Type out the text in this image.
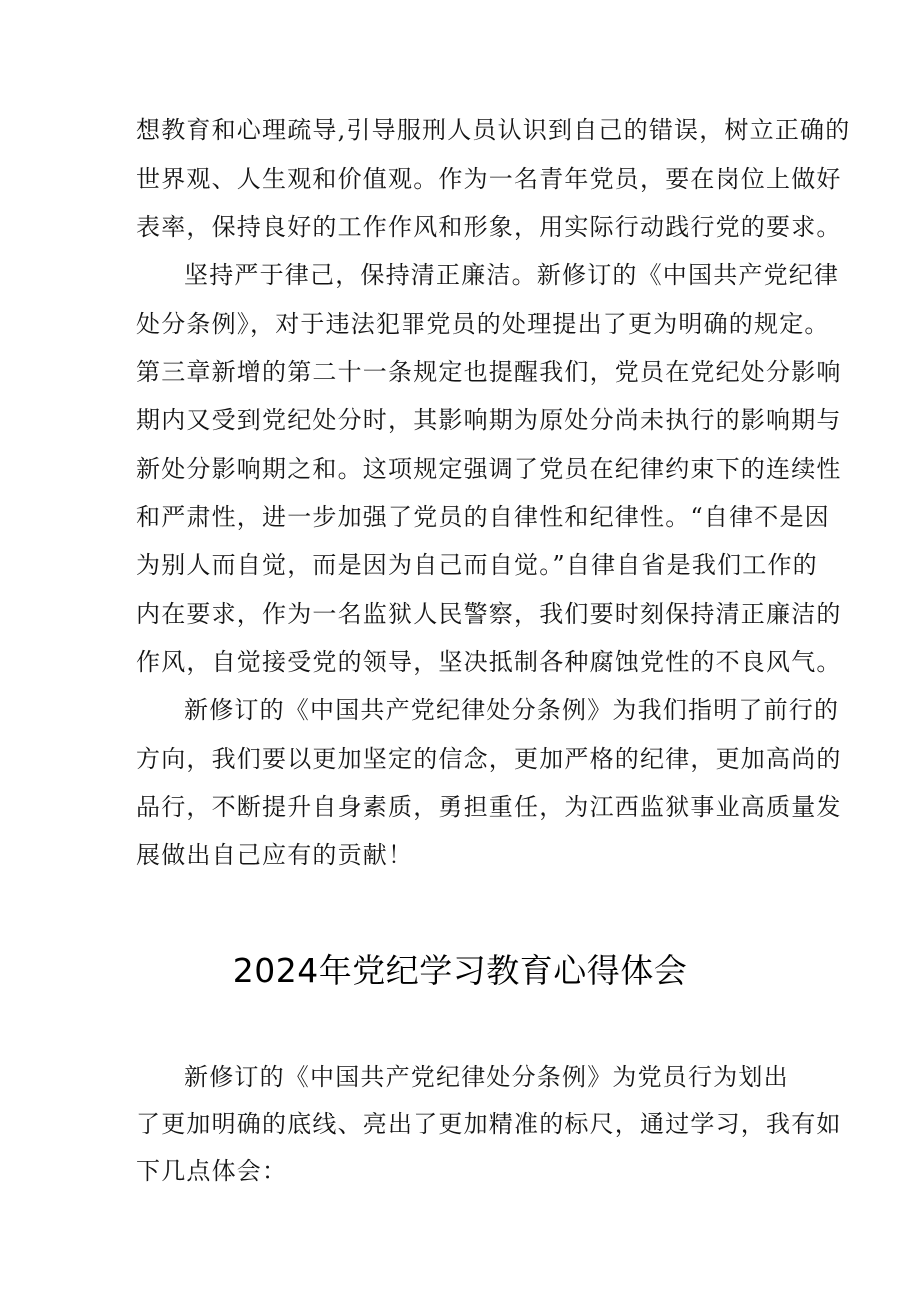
想教育和心理疏导,引导服刑人员认识到自己的错误，树立正确的
世界观、人生观和价值观。作为一名青年党员，要在岗位上做好
表率，保持良好的工作作风和形象，用实际行动践行党的要求。
坚持严于律己，保持清正廉洁。新修订的《中国共产党纪律
处分条例》，对于违法犯罪党员的处理提出了更为明确的规定。
第三章新增的第二十一条规定也提醒我们，党员在党纪处分影响
期内又受到党纪处分时，其影响期为原处分尚未执行的影响期与
新处分影响期之和。这项规定强调了党员在纪律约束下的连续性
和严肃性，进一步加强了党员的自律性和纪律性。“自律不是因
为别人而自觉，而是因为自己而自觉。”自律自省是我们工作的
内在要求，作为一名监狱人民警察，我们要时刻保持清正廉洁的
作风，自觉接受党的领导，坚决抵制各种腐蚀党性的不良风气。
新修订的《中国共产党纪律处分条例》为我们指明了前行的
方向，我们要以更加坚定的信念，更加严格的纪律，更加高尚的
品行，不断提升自身素质，勇担重任，为江西监狱事业高质量发
展做出自己应有的贡献！
2024年党纪学习教育心得体会
新修订的《中国共产党纪律处分条例》为党员行为划出
了更加明确的底线、亮出了更加精准的标尺，通过学习，我有如
下几点体会：
